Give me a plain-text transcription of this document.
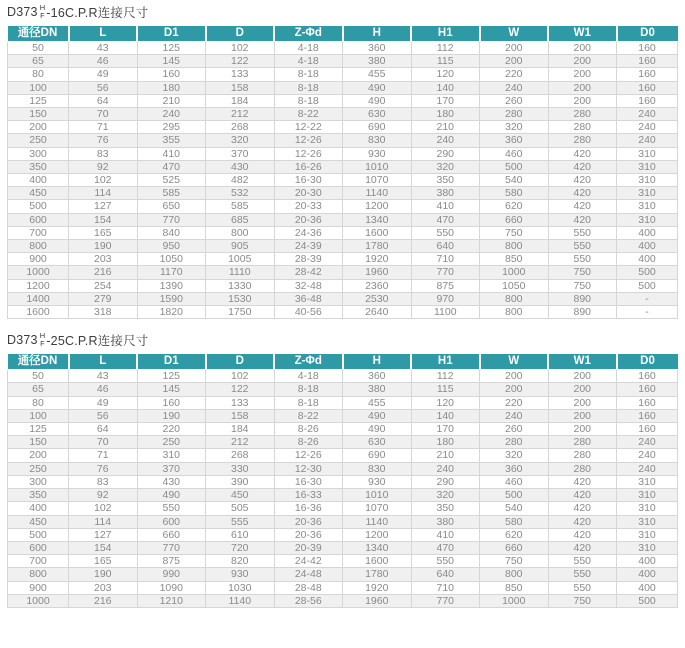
D373 H
F -16C.P.R连接尺寸
通径DN	L	D1	D	Z-Φd	H	H1	W	W1	D0
50	43	125	102	4-18	360	112	200	200	160
65	46	145	122	4-18	380	115	200	200	160
80	49	160	133	8-18	455	120	220	200	160
100	56	180	158	8-18	490	140	240	200	160
125	64	210	184	8-18	490	170	260	200	160
150	70	240	212	8-22	630	180	280	280	240
200	71	295	268	12-22	690	210	320	280	240
250	76	355	320	12-26	830	240	360	280	240
300	83	410	370	12-26	930	290	460	420	310
350	92	470	430	16-26	1010	320	500	420	310
400	102	525	482	16-30	1070	350	540	420	310
450	114	585	532	20-30	1140	380	580	420	310
500	127	650	585	20-33	1200	410	620	420	310
600	154	770	685	20-36	1340	470	660	420	310
700	165	840	800	24-36	1600	550	750	550	400
800	190	950	905	24-39	1780	640	800	550	400
900	203	1050	1005	28-39	1920	710	850	550	400
1000	216	1170	1110	28-42	1960	770	1000	750	500
1200	254	1390	1330	32-48	2360	875	1050	750	500
1400	279	1590	1530	36-48	2530	970	800	890	-
1600	318	1820	1750	40-56	2640	1100	800	890	-
D373 H
F -25C.P.R连接尺寸
通径DN	L	D1	D	Z-Φd	H	H1	W	W1	D0
50	43	125	102	4-18	360	112	200	200	160
65	46	145	122	8-18	380	115	200	200	160
80	49	160	133	8-18	455	120	220	200	160
100	56	190	158	8-22	490	140	240	200	160
125	64	220	184	8-26	490	170	260	200	160
150	70	250	212	8-26	630	180	280	280	240
200	71	310	268	12-26	690	210	320	280	240
250	76	370	330	12-30	830	240	360	280	240
300	83	430	390	16-30	930	290	460	420	310
350	92	490	450	16-33	1010	320	500	420	310
400	102	550	505	16-36	1070	350	540	420	310
450	114	600	555	20-36	1140	380	580	420	310
500	127	660	610	20-36	1200	410	620	420	310
600	154	770	720	20-39	1340	470	660	420	310
700	165	875	820	24-42	1600	550	750	550	400
800	190	990	930	24-48	1780	640	800	550	400
900	203	1090	1030	28-48	1920	710	850	550	400
1000	216	1210	1140	28-56	1960	770	1000	750	500
